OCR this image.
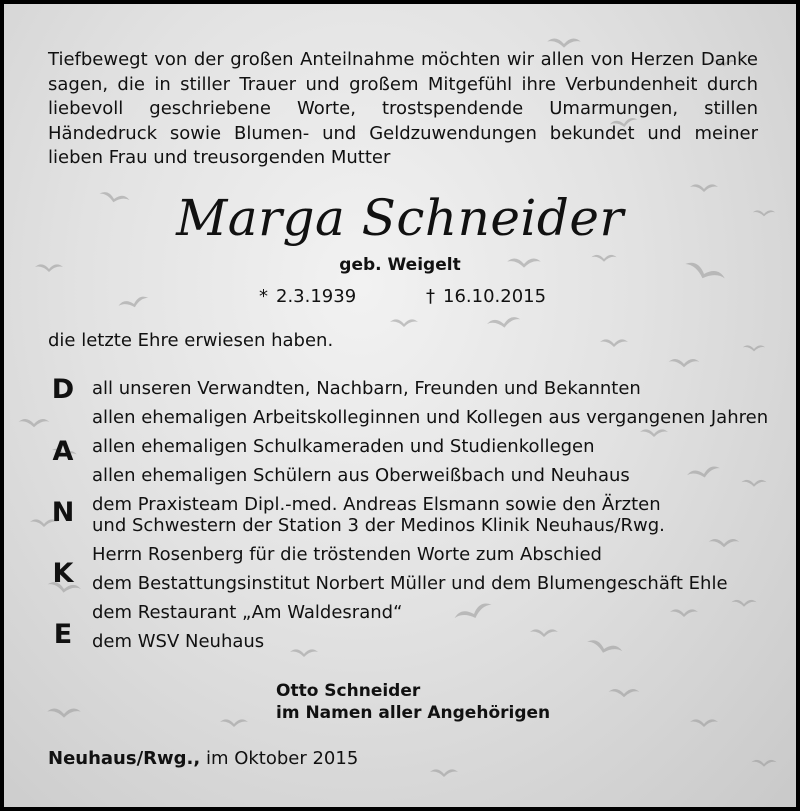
Tiefbewegt von der großen Anteilnahme möchten wir allen von Herzen Danke sagen, die in stiller Trauer und großem Mitgefühl ihre Verbundenheit durch liebevoll geschriebene Worte, trostspendende Umarmungen, stillen Händedruck sowie Blumen- und Geldzuwendungen bekundet und meiner lieben Frau und treusorgenden Mutter

Marga Schneider
geb. Weigelt
* 2.3.1939	† 16.10.2015
die letzte Ehre erwiesen haben.
D
A
N
K
E
all unseren Verwandten, Nachbarn, Freunden und Bekannten
allen ehemaligen Arbeitskolleginnen und Kollegen aus vergangenen Jahren
allen ehemaligen Schulkameraden und Studienkollegen
allen ehemaligen Schülern aus Oberweißbach und Neuhaus
dem Praxisteam Dipl.-med. Andreas Elsmann sowie den Ärzten und Schwestern der Station 3 der Medinos Klinik Neuhaus/Rwg.
Herrn Rosenberg für die tröstenden Worte zum Abschied
dem Bestattungsinstitut Norbert Müller und dem Blumengeschäft Ehle
dem Restaurant „Am Waldesrand“
dem WSV Neuhaus
Otto Schneider
im Namen aller Angehörigen
Neuhaus/Rwg., im Oktober 2015
